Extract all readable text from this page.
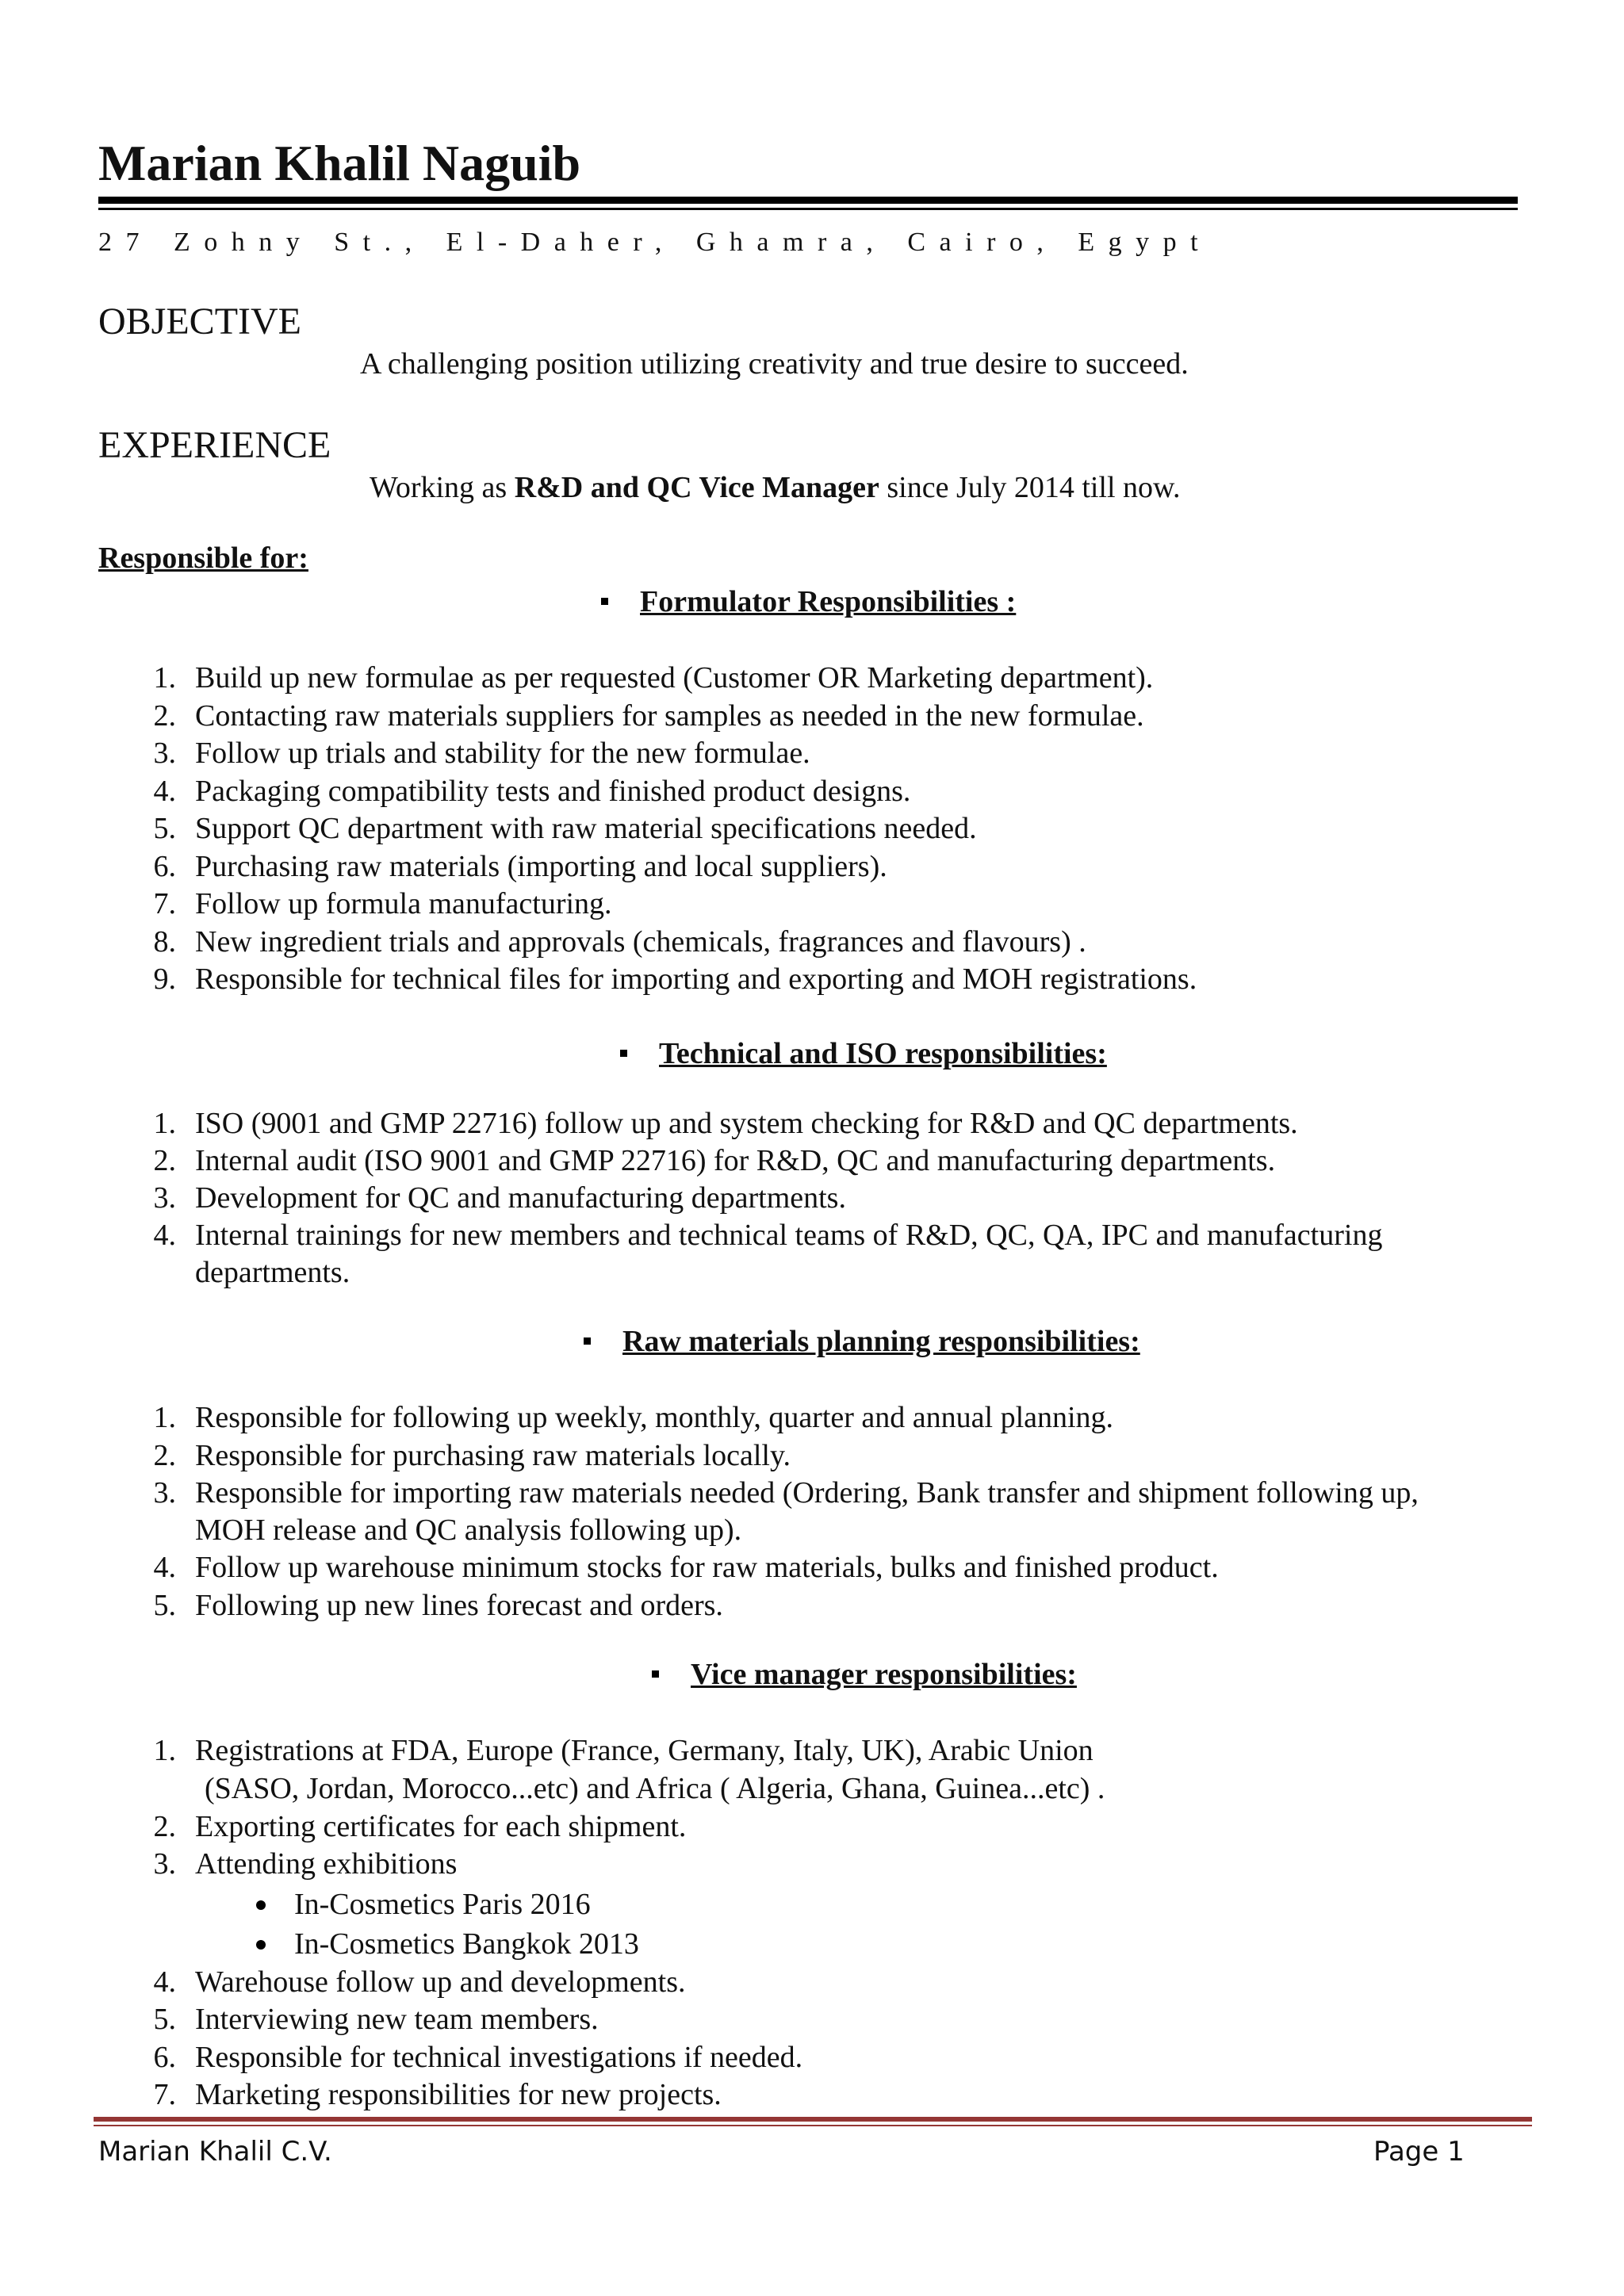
Marian Khalil Naguib
27 Zohny St., El-Daher, Ghamra, Cairo, Egypt
OBJECTIVE
A challenging position utilizing creativity and true desire to succeed.
EXPERIENCE
Working as R&D and QC Vice Manager since July 2014 till now.
Responsible for:
Formulator Responsibilities :
1. Build up new formulae as per requested (Customer OR Marketing department).
2. Contacting raw materials suppliers for samples as needed in the new formulae.
3. Follow up trials and stability for the new formulae.
4. Packaging compatibility tests and finished product designs.
5. Support QC department with raw material specifications needed.
6. Purchasing raw materials (importing and local suppliers).
7. Follow up formula manufacturing.
8. New ingredient trials and approvals (chemicals, fragrances and flavours) .
9. Responsible for technical files for importing and exporting and MOH registrations.
Technical and ISO responsibilities:
1. ISO (9001 and GMP 22716) follow up and system checking for R&D and QC departments.
2. Internal audit (ISO 9001 and GMP 22716) for R&D, QC and manufacturing departments.
3. Development for QC and manufacturing departments.
4. Internal trainings for new members and technical teams of R&D, QC, QA, IPC and manufacturing
departments.
Raw materials planning responsibilities:
1. Responsible for following up weekly, monthly, quarter and annual planning.
2. Responsible for purchasing raw materials locally.
3. Responsible for importing raw materials needed (Ordering, Bank transfer and shipment following up,
MOH release and QC analysis following up).
4. Follow up warehouse minimum stocks for raw materials, bulks and finished product.
5. Following up new lines forecast and orders.
Vice manager responsibilities:
1. Registrations at FDA, Europe (France, Germany, Italy, UK), Arabic Union
(SASO, Jordan, Morocco...etc) and Africa ( Algeria, Ghana, Guinea...etc) .
2. Exporting certificates for each shipment.
3. Attending exhibitions
In-Cosmetics Paris 2016
In-Cosmetics Bangkok 2013
4. Warehouse follow up and developments.
5. Interviewing new team members.
6. Responsible for technical investigations if needed.
7. Marketing responsibilities for new projects.
Marian Khalil C.V.	Page 1
